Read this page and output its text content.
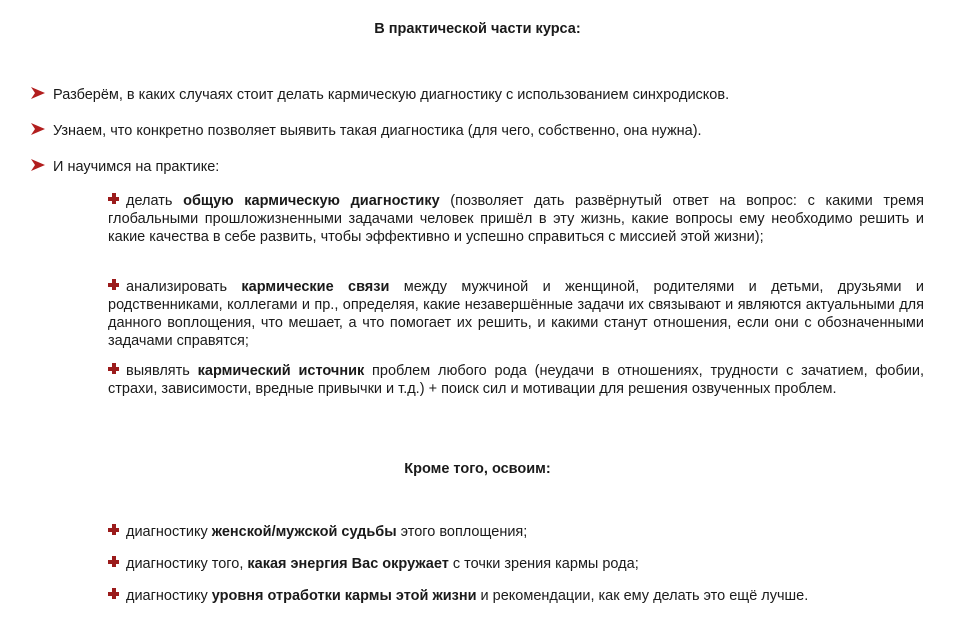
В практической части курса:
Разберём, в каких случаях стоит делать кармическую диагностику с использованием синхродисков.
Узнаем, что конкретно позволяет выявить такая диагностика (для чего, собственно, она нужна).
И научимся на практике:
делать общую кармическую диагностику (позволяет дать развёрнутый ответ на вопрос: с какими тремя глобальными прошложизненными задачами человек пришёл в эту жизнь, какие вопросы ему необходимо решить и какие качества в себе развить, чтобы эффективно и успешно справиться с миссией этой жизни);
анализировать кармические связи между мужчиной и женщиной, родителями и детьми, друзьями и родственниками, коллегами и пр., определяя, какие незавершённые задачи их связывают и являются актуальными для данного воплощения, что мешает, а что помогает их решить, и какими станут отношения, если они с обозначенными задачами справятся;
выявлять кармический источник проблем любого рода (неудачи в отношениях, трудности с зачатием, фобии, страхи, зависимости, вредные привычки и т.д.) + поиск сил и мотивации для решения озвученных проблем.
Кроме того, освоим:
диагностику женской/мужской судьбы этого воплощения;
диагностику того, какая энергия Вас окружает с точки зрения кармы рода;
диагностику уровня отработки кармы этой жизни и рекомендации, как ему делать это ещё лучше.
